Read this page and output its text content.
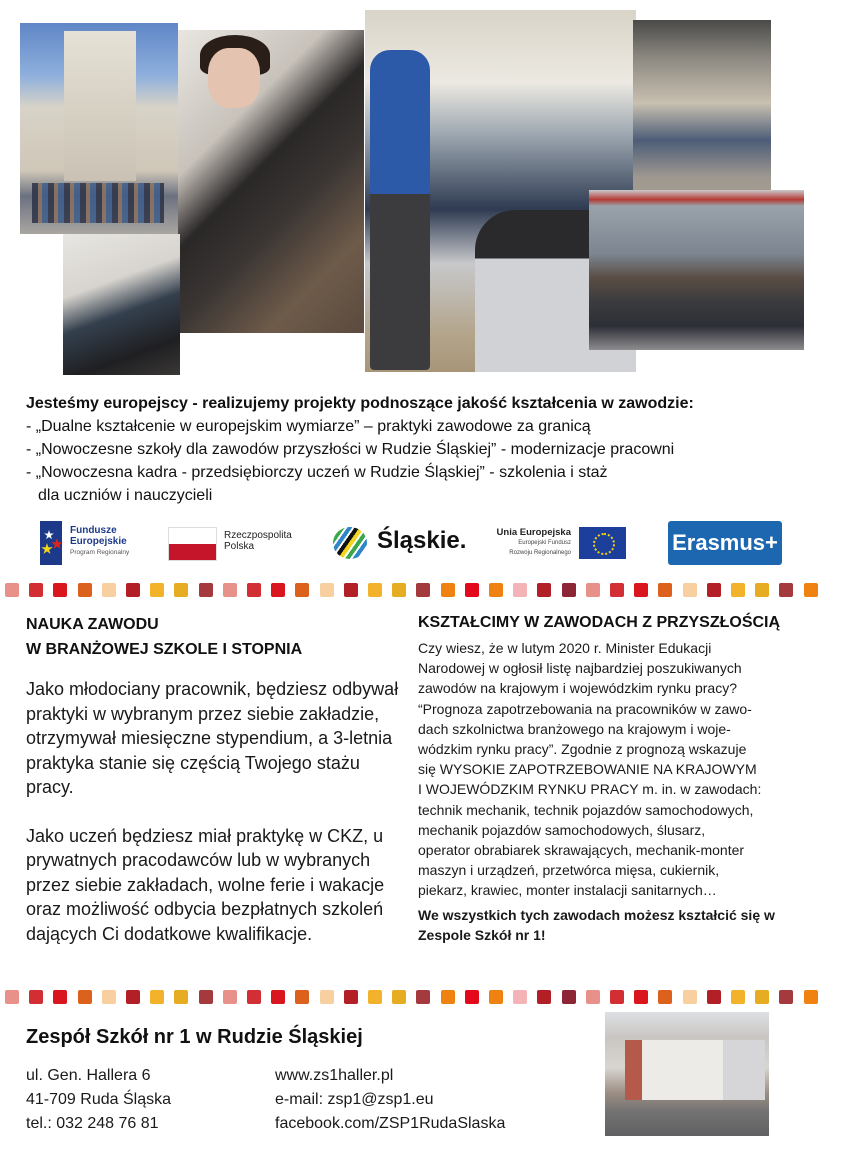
Jesteśmy europejscy - realizujemy projekty podnoszące jakość kształcenia w zawodzie:
- „Dualne kształcenie w europejskim wymiarze” – praktyki zawodowe za granicą
- „Nowoczesne szkoły dla zawodów przyszłości w Rudzie Śląskiej” - modernizacje pracowni
- „Nowoczesna kadra - przedsiębiorczy uczeń w Rudzie Śląskiej” - szkolenia i staż
dla uczniów i nauczycieli
Fundusze
Europejskie
Program Regionalny
Rzeczpospolita
Polska	Śląskie.	Unia Europejska
Europejski Fundusz
Rozwoju Regionalnego	Erasmus+
NAUKA ZAWODU
W BRANŻOWEJ SZKOLE I STOPNIA

Jako młodociany pracownik, będziesz odbywał praktyki w wybranym przez siebie zakładzie, otrzymywał miesięczne stypendium, a 3-letnia praktyka stanie się częścią Twojego stażu pracy.

Jako uczeń będziesz miał praktykę w CKZ, u prywatnych pracodawców lub w wybranych przez siebie zakładach, wolne ferie i wakacje oraz możliwość odbycia bezpłatnych szkoleń dających Ci dodatkowe kwalifikacje.

KSZTAŁCIMY W ZAWODACH Z PRZYSZŁOŚCIĄ

Czy wiesz, że w lutym 2020 r. Minister Edukacji
Narodowej w ogłosił listę najbardziej poszukiwanych
zawodów na krajowym i wojewódzkim rynku pracy?
“Prognoza zapotrzebowania na pracowników w zawo-
dach szkolnictwa branżowego na krajowym i woje-
wódzkim rynku pracy”. Zgodnie z prognozą wskazuje
się WYSOKIE ZAPOTRZEBOWANIE NA KRAJOWYM
I WOJEWÓDZKIM RYNKU PRACY m. in. w zawodach:
technik mechanik, technik pojazdów samochodowych,
mechanik pojazdów samochodowych, ślusarz,
operator obrabiarek skrawających, mechanik-monter
maszyn i urządzeń, przetwórca mięsa, cukiernik,
piekarz, krawiec, monter instalacji sanitarnych…

We wszystkich tych zawodach możesz kształcić się w
Zespole Szkół nr 1!

Zespół Szkół nr 1 w Rudzie Śląskiej
ul. Gen. Hallera 6
41-709 Ruda Śląska
tel.: 032 248 76 81
www.zs1haller.pl
e-mail: zsp1@zsp1.eu
facebook.com/ZSP1RudaSlaska
